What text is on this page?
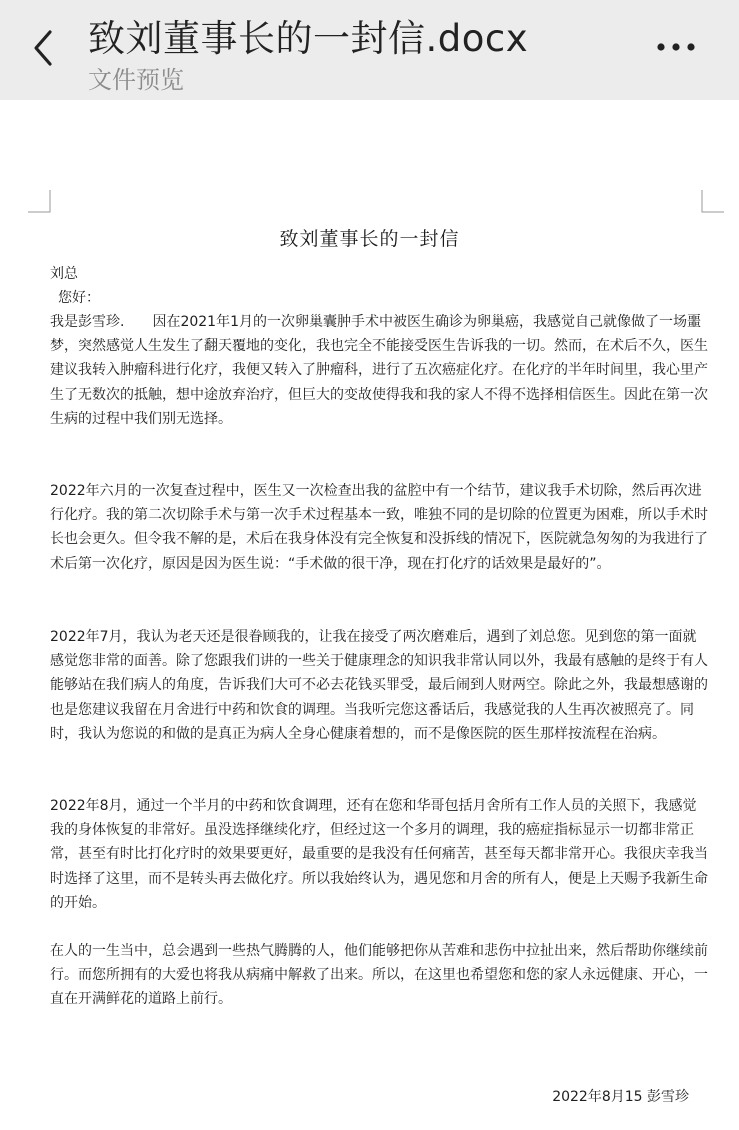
致刘董事长的一封信.docx
文件预览
致刘董事长的一封信
刘总
您好：
我是彭雪珍.　　因在2021年1月的一次卵巢囊肿手术中被医生确诊为卵巢癌，我感觉自己就像做了一场噩梦，突然感觉人生发生了翻天覆地的变化，我也完全不能接受医生告诉我的一切。然而，在术后不久，医生建议我转入肿瘤科进行化疗，我便又转入了肿瘤科，进行了五次癌症化疗。在化疗的半年时间里，我心里产生了无数次的抵触，想中途放弃治疗，但巨大的变故使得我和我的家人不得不选择相信医生。因此在第一次生病的过程中我们别无选择。
2022年六月的一次复查过程中，医生又一次检查出我的盆腔中有一个结节，建议我手术切除，然后再次进行化疗。我的第二次切除手术与第一次手术过程基本一致，唯独不同的是切除的位置更为困难，所以手术时长也会更久。但令我不解的是，术后在我身体没有完全恢复和没拆线的情况下，医院就急匆匆的为我进行了术后第一次化疗，原因是因为医生说：“手术做的很干净，现在打化疗的话效果是最好的”。
2022年7月，我认为老天还是很眷顾我的，让我在接受了两次磨难后，遇到了刘总您。见到您的第一面就感觉您非常的面善。除了您跟我们讲的一些关于健康理念的知识我非常认同以外，我最有感触的是终于有人能够站在我们病人的角度，告诉我们大可不必去花钱买罪受，最后闹到人财两空。除此之外，我最想感谢的也是您建议我留在月舍进行中药和饮食的调理。当我听完您这番话后，我感觉我的人生再次被照亮了。同时，我认为您说的和做的是真正为病人全身心健康着想的，而不是像医院的医生那样按流程在治病。
2022年8月，通过一个半月的中药和饮食调理，还有在您和华哥包括月舍所有工作人员的关照下，我感觉我的身体恢复的非常好。虽没选择继续化疗，但经过这一个多月的调理，我的癌症指标显示一切都非常正常，甚至有时比打化疗时的效果要更好，最重要的是我没有任何痛苦，甚至每天都非常开心。我很庆幸我当时选择了这里，而不是转头再去做化疗。所以我始终认为，遇见您和月舍的所有人，便是上天赐予我新生命的开始。
在人的一生当中，总会遇到一些热气腾腾的人，他们能够把你从苦难和悲伤中拉扯出来，然后帮助你继续前行。而您所拥有的大爱也将我从病痛中解救了出来。所以，在这里也希望您和您的家人永远健康、开心，一直在开满鲜花的道路上前行。
2022年8月15 彭雪珍
